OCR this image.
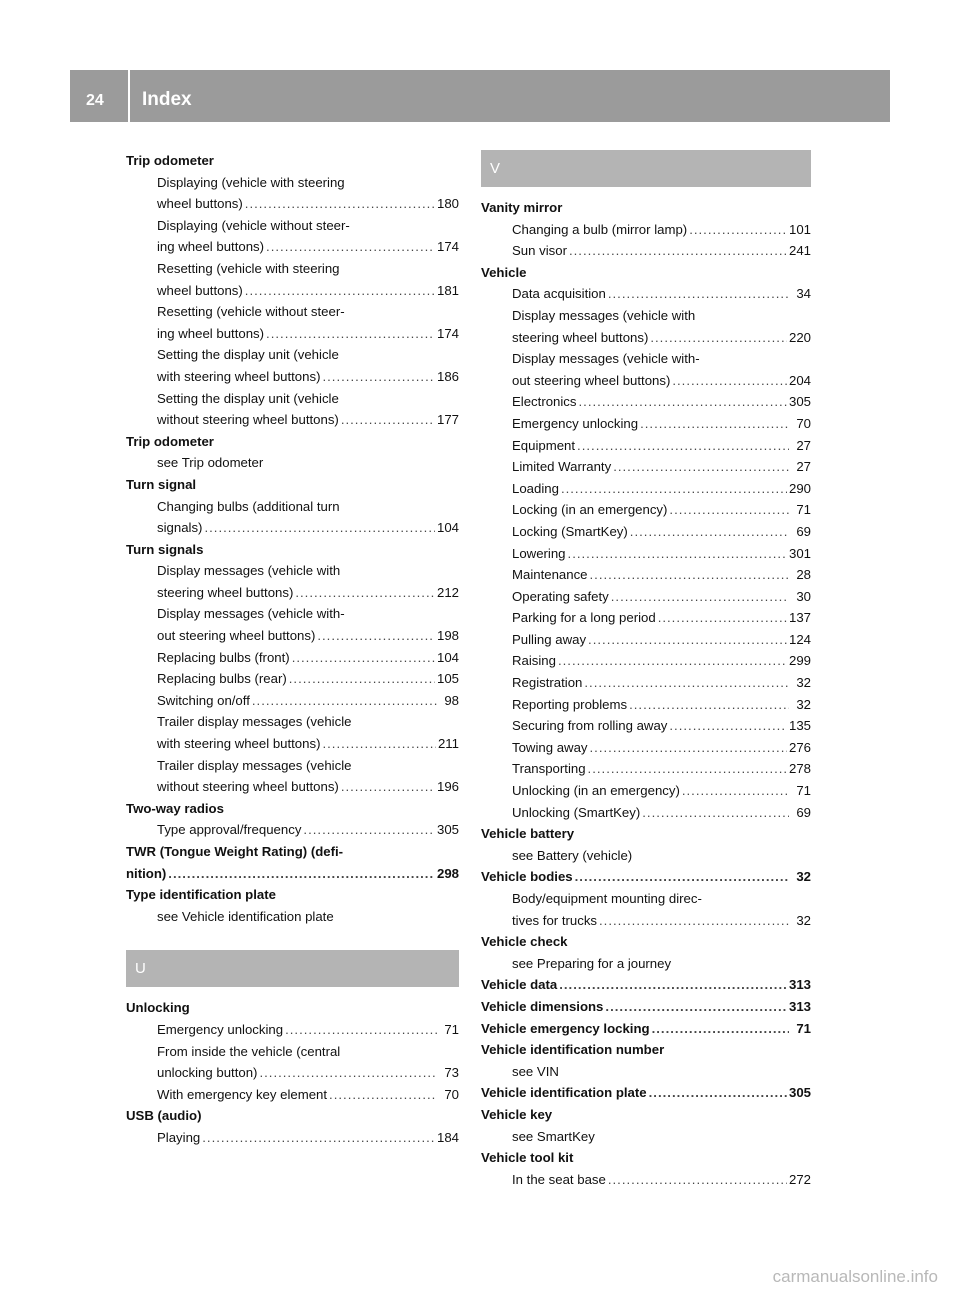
24 Index
Trip odometer
Displaying (vehicle with steering
wheel buttons) .....	180
Displaying (vehicle without steer-
ing wheel buttons) .....	174
Resetting (vehicle with steering
wheel buttons) .....	181
Resetting (vehicle without steer-
ing wheel buttons) .....	174
Setting the display unit (vehicle
with steering wheel buttons) .....	186
Setting the display unit (vehicle
without steering wheel buttons) .....	177
Trip odometer
see Trip odometer
Turn signal
Changing bulbs (additional turn
signals) .....	104
Turn signals
Display messages (vehicle with
steering wheel buttons) .....	212
Display messages (vehicle with-
out steering wheel buttons) .....	198
Replacing bulbs (front) .....	104
Replacing bulbs (rear) .....	105
Switching on/off .....	98
Trailer display messages (vehicle
with steering wheel buttons) .....	211
Trailer display messages (vehicle
without steering wheel buttons) .....	196
Two-way radios
Type approval/frequency .....	305
TWR (Tongue Weight Rating) (defi-
nition) .....	298
Type identification plate
see Vehicle identification plate
U
Unlocking
Emergency unlocking .....	71
From inside the vehicle (central
unlocking button) .....	73
With emergency key element .....	70
USB (audio)
Playing .....	184
V
Vanity mirror
Changing a bulb (mirror lamp) .....	101
Sun visor .....	241
Vehicle
Data acquisition .....	34
Display messages (vehicle with
steering wheel buttons) .....	220
Display messages (vehicle with-
out steering wheel buttons) .....	204
Electronics .....	305
Emergency unlocking .....	70
Equipment .....	27
Limited Warranty .....	27
Loading .....	290
Locking (in an emergency) .....	71
Locking (SmartKey) .....	69
Lowering .....	301
Maintenance .....	28
Operating safety .....	30
Parking for a long period .....	137
Pulling away .....	124
Raising .....	299
Registration .....	32
Reporting problems .....	32
Securing from rolling away .....	135
Towing away .....	276
Transporting .....	278
Unlocking (in an emergency) .....	71
Unlocking (SmartKey) .....	69
Vehicle battery
see Battery (vehicle)
Vehicle bodies .....	32
Body/equipment mounting direc-
tives for trucks .....	32
Vehicle check
see Preparing for a journey
Vehicle data .....	313
Vehicle dimensions .....	313
Vehicle emergency locking .....	71
Vehicle identification number
see VIN
Vehicle identification plate .....	305
Vehicle key
see SmartKey
Vehicle tool kit
In the seat base .....	272
carmanualsonline.info
